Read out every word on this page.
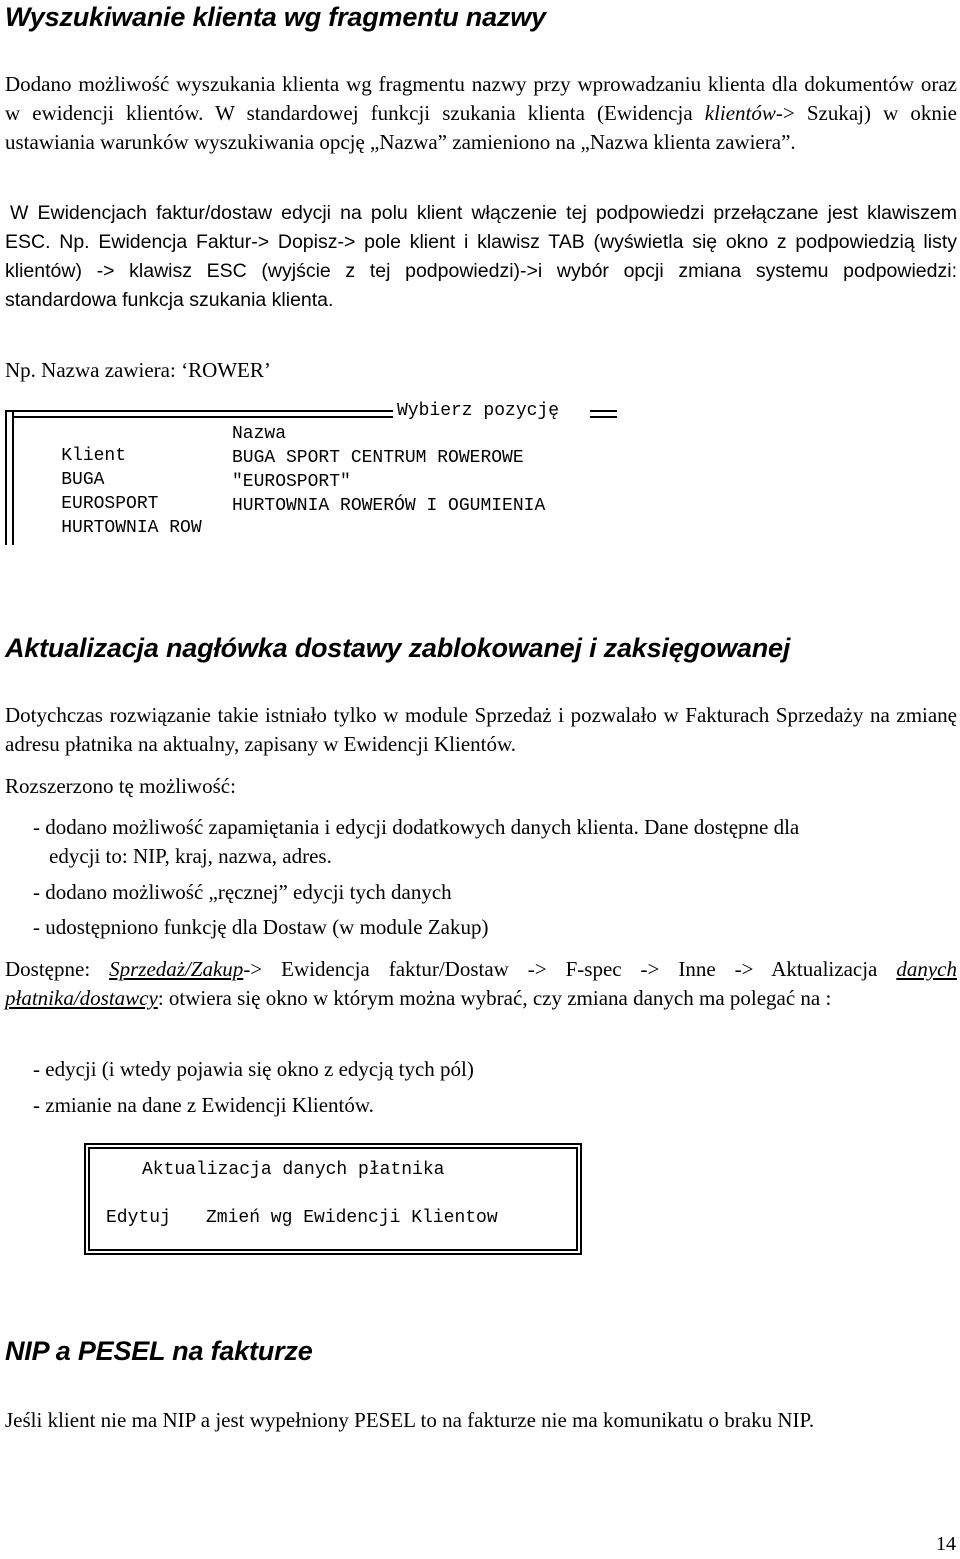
Wyszukiwanie klienta wg fragmentu nazwy

Dodano możliwość wyszukania klienta wg fragmentu nazwy przy wprowadzaniu klienta dla dokumentów oraz w ewidencji klientów. W standardowej funkcji szukania klienta (Ewidencja klientów-> Szukaj) w oknie ustawiania warunków wyszukiwania opcję „Nazwa” zamieniono na „Nazwa klienta zawiera”.

W Ewidencjach faktur/dostaw edycji na polu klient włączenie tej podpowiedzi przełączane jest klawiszem ESC. Np. Ewidencja Faktur-> Dopisz-> pole klient i klawisz TAB (wyświetla się okno z podpowiedzią listy klientów) -> klawisz ESC (wyjście z tej podpowiedzi)->i wybór opcji zmiana systemu podpowiedzi: standardowa funkcja szukania klienta.

Np. Nazwa zawiera: ‘ROWER’

Wybierz pozycję

Klient
Nazwa

BUGA
BUGA SPORT CENTRUM ROWEROWE

EUROSPORT
"EUROSPORT"

HURTOWNIA ROW
HURTOWNIA ROWERÓW I OGUMIENIA

Aktualizacja nagłówka dostawy zablokowanej i zaksięgowanej

Dotychczas rozwiązanie takie istniało tylko w module Sprzedaż i pozwalało w Fakturach Sprzedaży na zmianę adresu płatnika na aktualny, zapisany w Ewidencji Klientów.

Rozszerzono tę możliwość:

- dodano możliwość zapamiętania i edycji dodatkowych danych klienta. Dane dostępne dla

edycji to: NIP, kraj, nazwa, adres.

- dodano możliwość „ręcznej” edycji tych danych

- udostępniono funkcję dla Dostaw (w module Zakup)

Dostępne: Sprzedaż/Zakup-> Ewidencja faktur/Dostaw -> F-spec -> Inne -> Aktualizacja danych płatnika/dostawcy: otwiera się okno w którym można wybrać, czy zmiana danych ma polegać na :

- edycji (i wtedy pojawia się okno z edycją tych pól)

- zmianie na dane z Ewidencji Klientów.

Aktualizacja danych płatnika
Edytuj Zmień wg Ewidencji Klientow
NIP a PESEL na fakturze

Jeśli klient nie ma NIP a jest wypełniony PESEL to na fakturze nie ma komunikatu o braku NIP.

14
